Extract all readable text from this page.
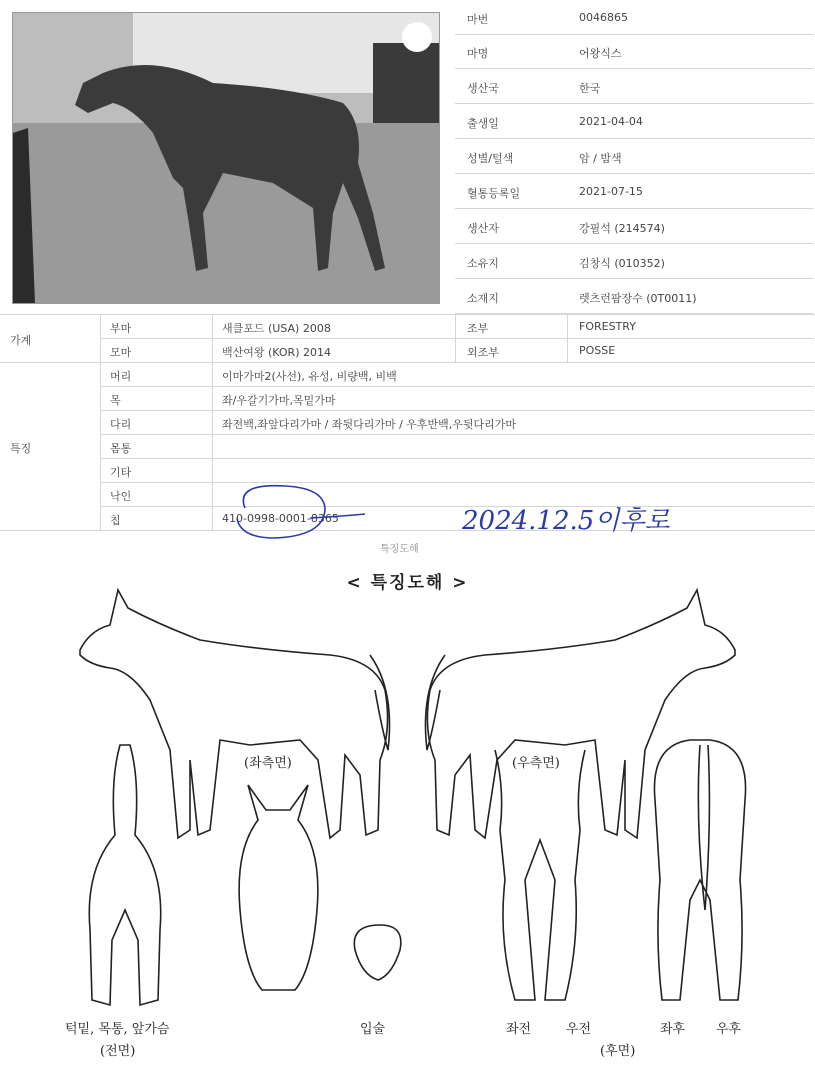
마번	0046865
마명	어왕식스
생산국	한국
출생일	2021-04-04
성별/털색	암 / 밤색
혈통등록일	2021-07-15
생산자	강필석 (214574)
소유지	김창식 (010352)
소재지	렛츠런팜장수 (0T0011)
가계
부마	새클포드 (USA) 2008	조부	FORESTRY
모마	백산여왕 (KOR) 2014	외조부	POSSE
특징
머리	이마가마2(사선), 유성, 비량백, 비백
목	좌/우갈기가마,목밑가마
다리	좌전백,좌앞다리가마 / 좌뒷다리가마 / 우후반백,우뒷다리가마
몸통
기타
낙인
칩	410-0998-0001-8365	2024.12.5이후로
특징도해
< 특징도해 >
(좌측면)	(우측면)
턱밑, 목통, 앞가슴
(전면)
입술	좌전	우전	좌후 우후
(후면)
